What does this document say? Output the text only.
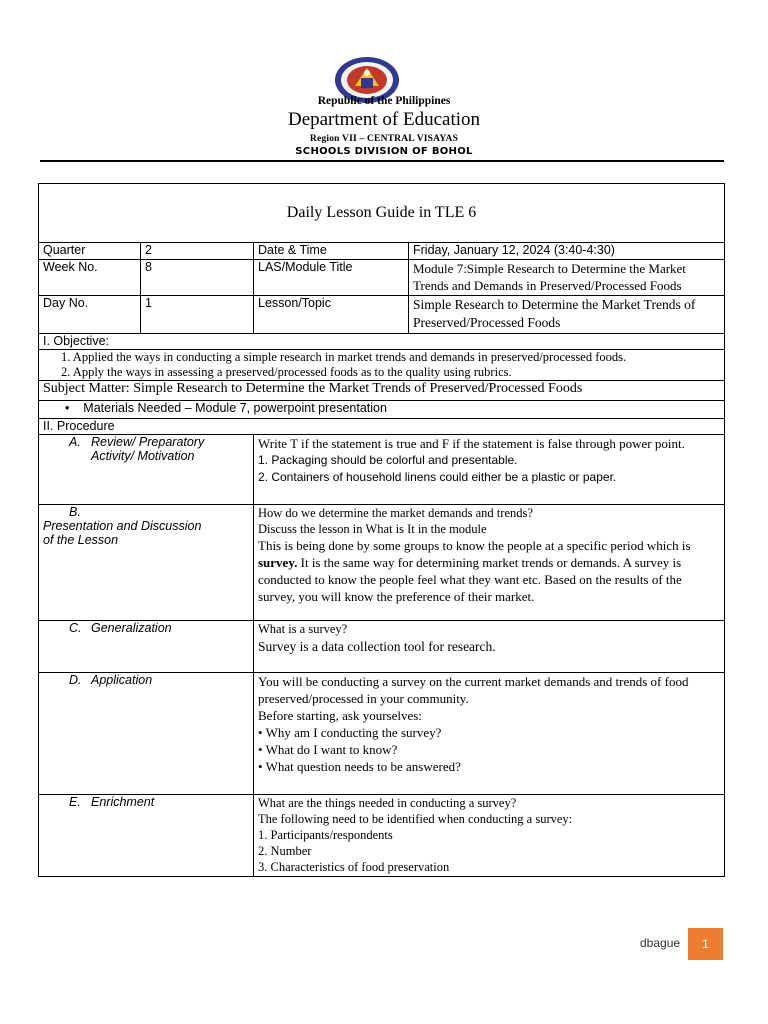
Republic of the Philippines
Department of Education
Region VII – CENTRAL VISAYAS
SCHOOLS DIVISION OF BOHOL
Daily Lesson Guide in TLE 6			
Quarter	2	Date & Time	Friday, January 12, 2024 (3:40-4:30)
Week No.	8	LAS/Module Title	Module 7:Simple Research to Determine the Market Trends and Demands in Preserved/Processed Foods
Day No.	1	Lesson/Topic	Simple Research to Determine the Market Trends of Preserved/Processed Foods
I. Objective:			

1. Applied the ways in conducting a simple research in market trends and demands in preserved/processed foods.
2. Apply the ways in assessing a preserved/processed foods as to the quality using rubrics.			

Subject Matter: Simple Research to Determine the Market Trends of Preserved/Processed Foods			
•    Materials Needed – Module 7, powerpoint presentation			
II. Procedure			
A. Review/ Preparatory Activity/ Motivation		Write T if the statement is true and F if the statement is false through power point.

1. Packaging should be colorful and presentable.

2. Containers of household linens could either be a plastic or paper.	

B.Presentation and Discussion of the Lesson		How do we determine the market demands and trends?

Discuss the lesson in What is It in the module

This is being done by some groups to know the people at a specific period which is survey. It is the same way for determining market trends or demands. A survey is conducted to know the people feel what they want etc. Based on the results of the survey, you will know the preference of their market.	

C. Generalization		What is a survey?

Survey is a data collection tool for research.	

D. Application		You will be conducting a survey on the current market demands and trends of food preserved/processed in your community.

Before starting, ask yourselves:

• Why am I conducting the survey?

• What do I want to know?

• What question needs to be answered?	

E. Enrichment		What are the things needed in conducting a survey?

The following need to be identified when conducting a survey:

1. Participants/respondents

2. Number

3. Characteristics of food preservation	

dbague	1
